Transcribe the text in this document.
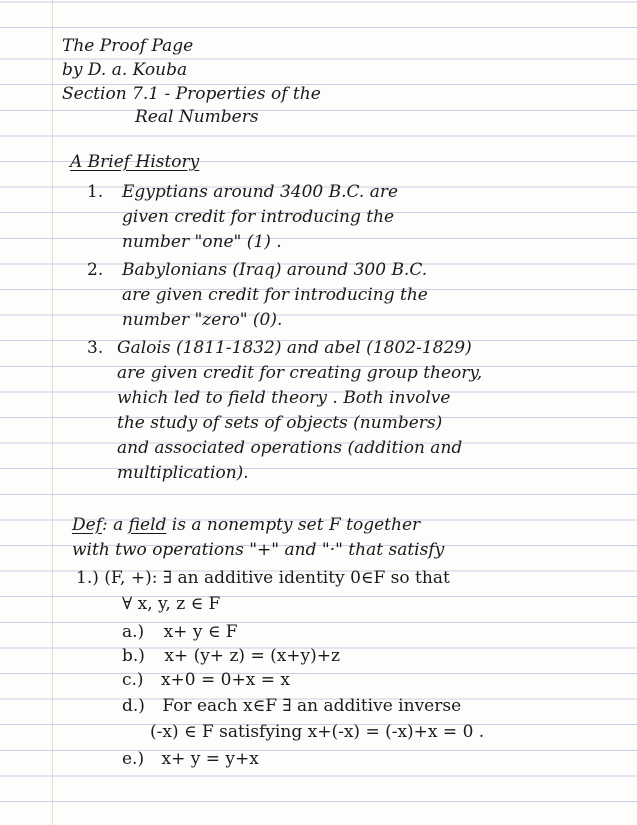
The Proof Page
by D. a. Kouba
Section 7.1 - Properties of the
Real Numbers
A Brief History
1. Egyptians around 3400 B.C. are
given credit for introducing the
number "one" (1) .
2. Babylonians (Iraq) around 300 B.C.
are given credit for introducing the
number "zero" (0).
3. Galois (1811-1832) and abel (1802-1829)
are given credit for creating group theory,
which led to field theory . Both involve
the study of sets of objects (numbers)
and associated operations (addition and
multiplication).
Def: a field is a nonempty set F together
with two operations "+" and "·" that satisfy
1.) (F, +): ∃ an additive identity 0∈F so that
∀ x, y, z ∈ F
a.) x+ y ∈ F
b.) x+ (y+ z) = (x+y)+z
c.) x+0 = 0+x = x
d.) For each x∈F ∃ an additive inverse
(-x) ∈ F satisfying x+(-x) = (-x)+x = 0 .
e.) x+ y = y+x
